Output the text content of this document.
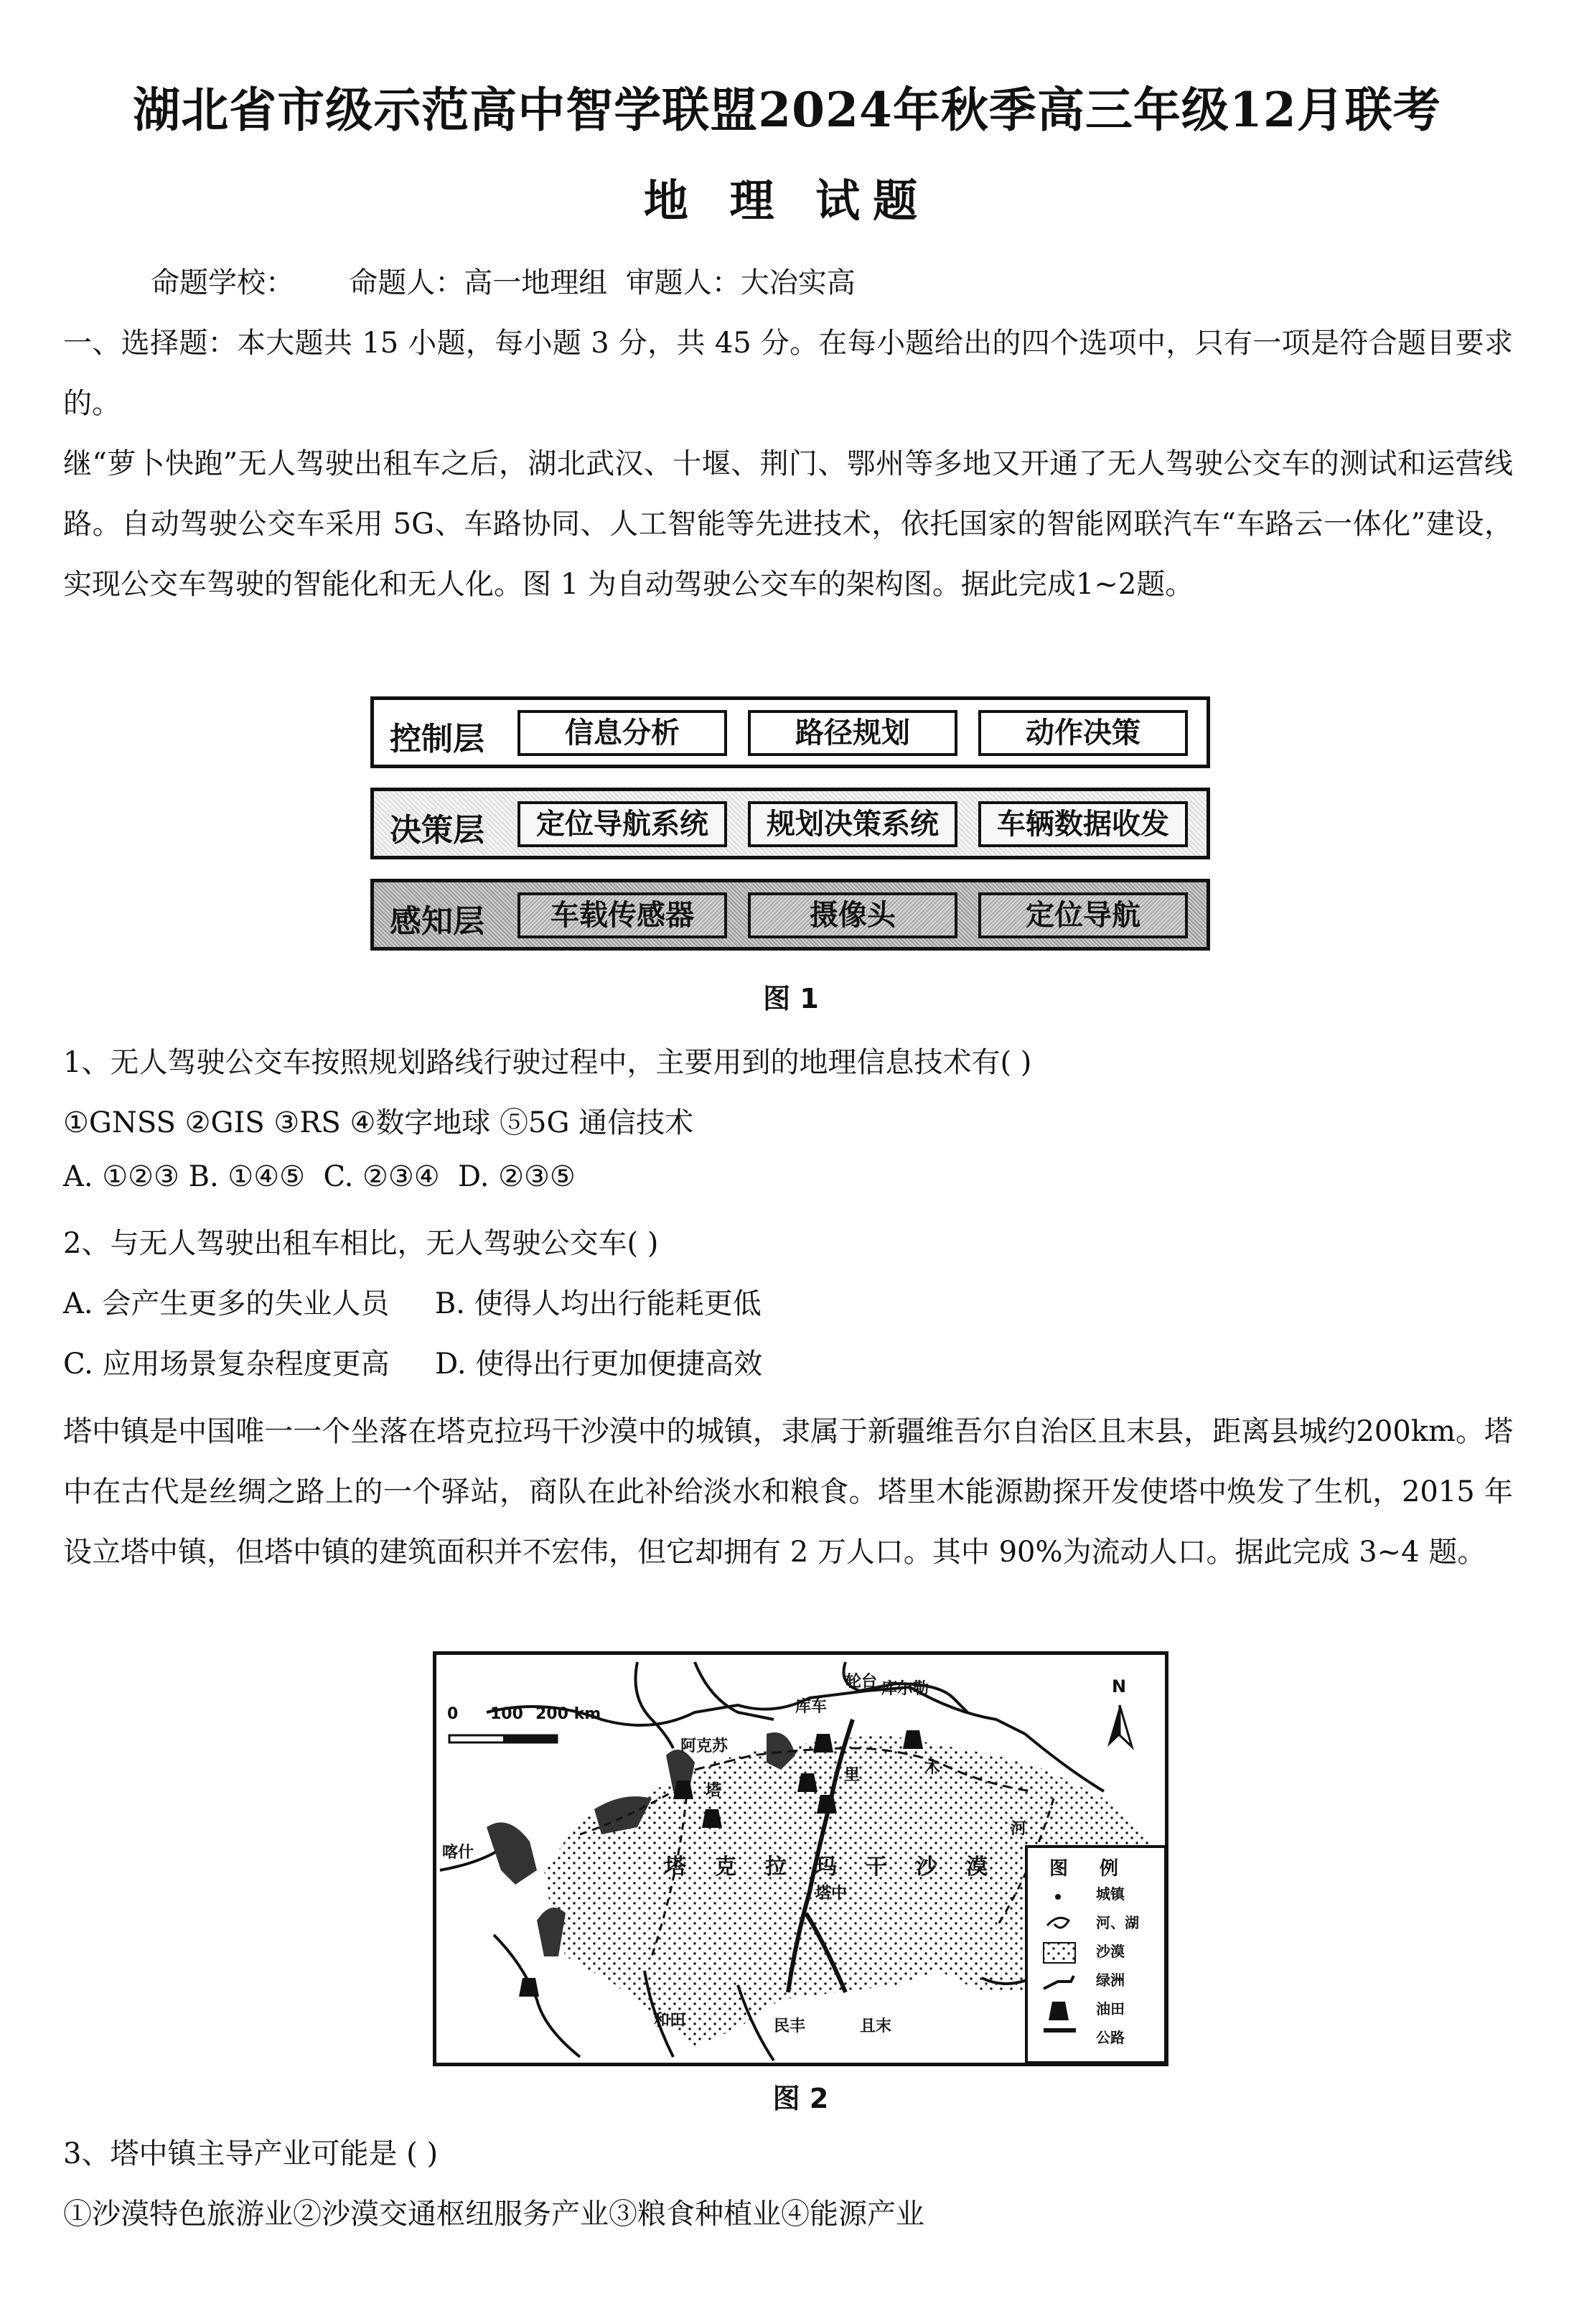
湖北省市级示范高中智学联盟2024年秋季高三年级12月联考
地 理 试题
命题学校：      命题人：高一地理组  审题人：大冶实高
一、选择题：本大题共 15 小题，每小题 3 分，共 45 分。在每小题给出的四个选项中，只有一项是符合题目要求的。
继“萝卜快跑”无人驾驶出租车之后，湖北武汉、十堰、荆门、鄂州等多地又开通了无人驾驶公交车的测试和运营线路。自动驾驶公交车采用 5G、车路协同、人工智能等先进技术，依托国家的智能网联汽车“车路云一体化”建设，实现公交车驾驶的智能化和无人化。图 1 为自动驾驶公交车的架构图。据此完成1~2题。
控制层	信息分析	路径规划	动作决策
决策层	定位导航系统	规划决策系统	车辆数据收发
感知层	车载传感器	摄像头	定位导航
图 1
1、无人驾驶公交车按照规划路线行驶过程中，主要用到的地理信息技术有( )
①GNSS ②GIS ③RS ④数字地球 ⑤5G 通信技术
A. ①②③ B. ①④⑤  C. ②③④  D. ②③⑤
2、与无人驾驶出租车相比，无人驾驶公交车( )
A. 会产生更多的失业人员     B. 使得人均出行能耗更低
C. 应用场景复杂程度更高     D. 使得出行更加便捷高效
塔中镇是中国唯一一个坐落在塔克拉玛干沙漠中的城镇，隶属于新疆维吾尔自治区且末县，距离县城约200km。塔中在古代是丝绸之路上的一个驿站，商队在此补给淡水和粮食。塔里木能源勘探开发使塔中焕发了生机，2015 年设立塔中镇，但塔中镇的建筑面积并不宏伟，但它却拥有 2 万人口。其中 90%为流动人口。据此完成 3~4 题。
0 100 200 km
N
轮台 库尔勒
库车
阿克苏
喀什
塔中
和田	民丰	且末
塔
里	木
河
塔 克 拉 玛 干 沙 漠	图 例
城镇
河、湖
沙漠
绿洲
油田
公路
图 2
3、塔中镇主导产业可能是 ( )
①沙漠特色旅游业②沙漠交通枢纽服务产业③粮食种植业④能源产业
